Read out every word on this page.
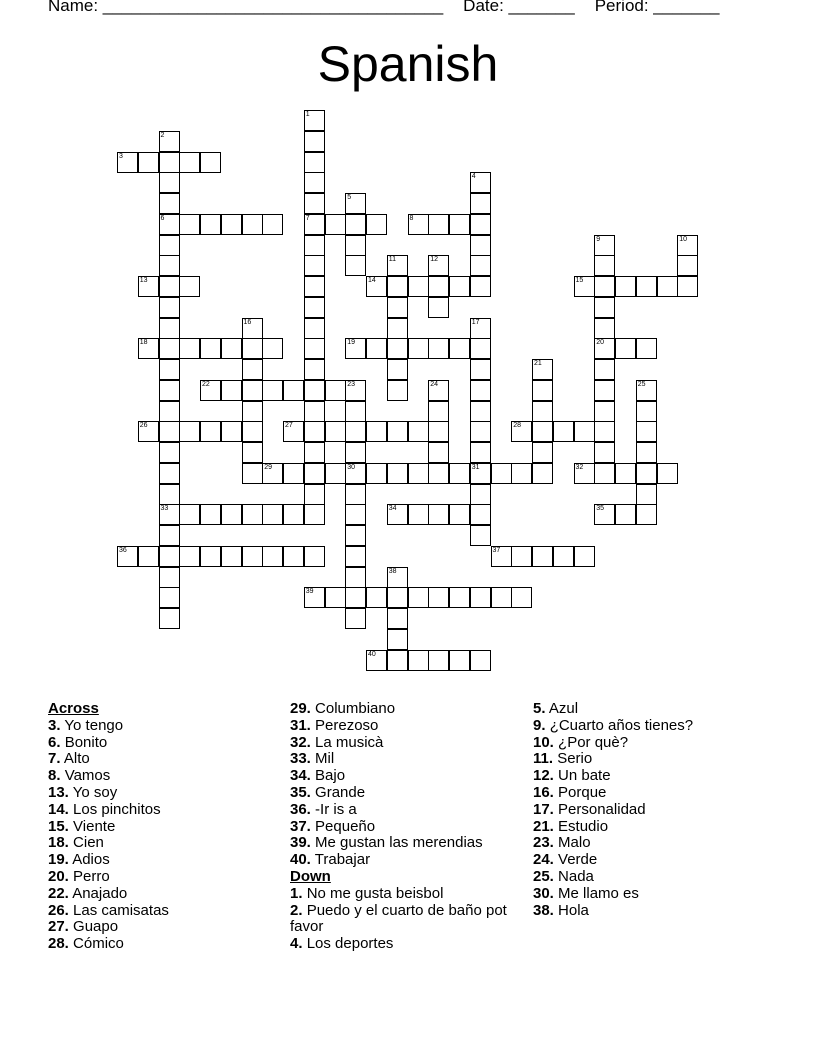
Name: ____________________________________ Date: _______ Period: _______
Spanish
3
6	7	8
13	14	15
18	19	20
22
26	27	28
29	30	31	32
33	34	35
36	37
39
40
1
2
4
5
9	10
11	12
16	17
21
23	24	25
38
Across
3. Yo tengo
6. Bonito
7. Alto
8. Vamos
13. Yo soy
14. Los pinchitos
15. Viente
18. Cien
19. Adios
20. Perro
22. Anajado
26. Las camisatas
27. Guapo
28. Cómico
29. Columbiano
31. Perezoso
32. La musicà
33. Mil
34. Bajo
35. Grande
36. -Ir is a
37. Pequeño
39. Me gustan las merendias
40. Trabajar
Down
1. No me gusta beisbol
2. Puedo y el cuarto de baño pot favor
4. Los deportes
5. Azul
9. ¿Cuarto años tienes?
10. ¿Por què?
11. Serio
12. Un bate
16. Porque
17. Personalidad
21. Estudio
23. Malo
24. Verde
25. Nada
30. Me llamo es
38. Hola
